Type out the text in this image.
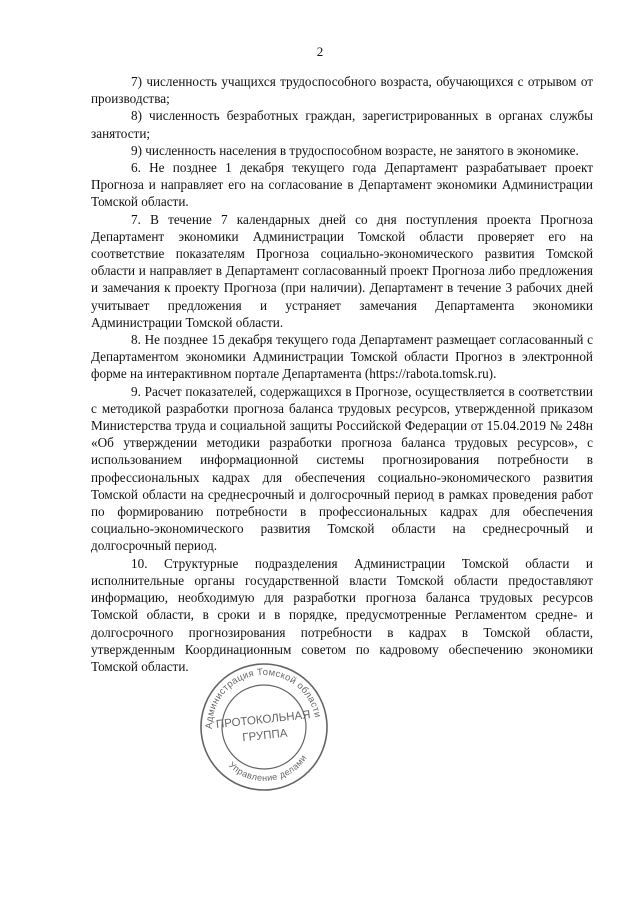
2

7) численность учащихся трудоспособного возраста, обучающихся с отрывом от производства;

8) численность безработных граждан, зарегистрированных в органах службы занятости;

9) численность населения в трудоспособном возрасте, не занятого в экономике.

6. Не позднее 1 декабря текущего года Департамент разрабатывает проект Прогноза и направляет его на согласование в Департамент экономики Администрации Томской области.

7. В течение 7 календарных дней со дня поступления проекта Прогноза Департамент экономики Администрации Томской области проверяет его на соответствие показателям Прогноза социально-экономического развития Томской области и направляет в Департамент согласованный проект Прогноза либо предложения и замечания к проекту Прогноза (при наличии). Департамент в течение 3 рабочих дней учитывает предложения и устраняет замечания Департамента экономики Администрации Томской области.

8. Не позднее 15 декабря текущего года Департамент размещает согласованный с Департаментом экономики Администрации Томской области Прогноз в электронной форме на интерактивном портале Департамента (https://rabota.tomsk.ru).

9. Расчет показателей, содержащихся в Прогнозе, осуществляется в соответствии с методикой разработки прогноза баланса трудовых ресурсов, утвержденной приказом Министерства труда и социальной защиты Российской Федерации от 15.04.2019 № 248н «Об утверждении методики разработки прогноза баланса трудовых ресурсов», с использованием информационной системы прогнозирования потребности в профессиональных кадрах для обеспечения социально-экономического развития Томской области на среднесрочный и долгосрочный период в рамках проведения работ по формированию потребности в профессиональных кадрах для обеспечения социально-экономического развития Томской области на среднесрочный и долгосрочный период.

10. Структурные подразделения Администрации Томской области и исполнительные органы государственной власти Томской области предоставляют информацию, необходимую для разработки прогноза баланса трудовых ресурсов Томской области, в сроки и в порядке, предусмотренные Регламентом средне- и долгосрочного прогнозирования потребности в кадрах в Томской области, утвержденным Координационным советом по кадровому обеспечению экономики Томской области.

Администрация Томской области
Управление делами
ПРОТОКОЛЬНАЯ
ГРУППА
